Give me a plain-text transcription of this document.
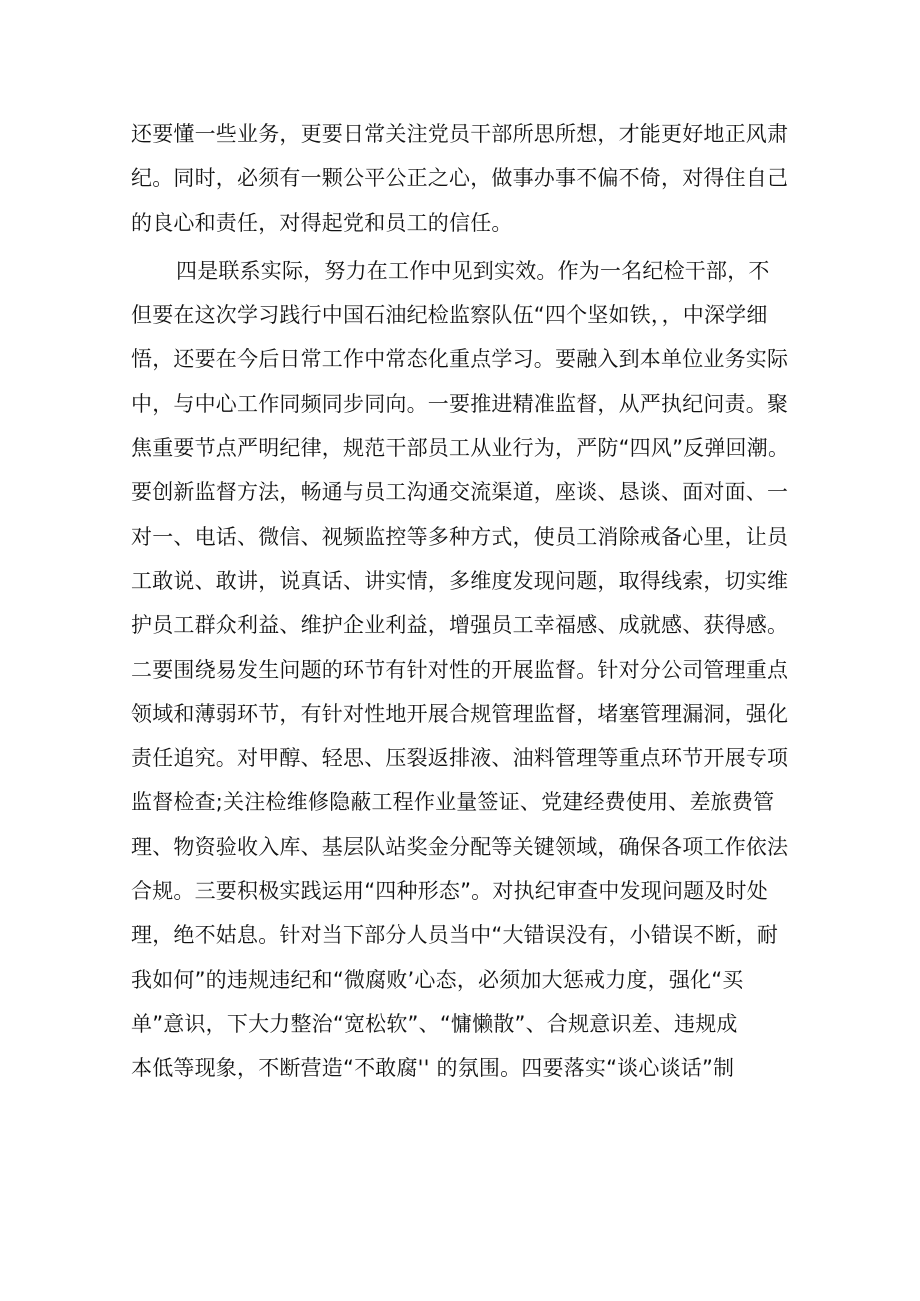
还要懂一些业务，更要日常关注党员干部所思所想，才能更好地正风肃
纪。同时，必须有一颗公平公正之心，做事办事不偏不倚，对得住自己
的良心和责任，对得起党和员工的信任。
四是联系实际，努力在工作中见到实效。作为一名纪检干部，不
但要在这次学习践行中国石油纪检监察队伍“四个坚如铁，，中深学细
悟，还要在今后日常工作中常态化重点学习。要融入到本单位业务实际
中，与中心工作同频同步同向。一要推进精准监督，从严执纪问责。聚
焦重要节点严明纪律，规范干部员工从业行为，严防“四风”反弹回潮。
要创新监督方法，畅通与员工沟通交流渠道，座谈、恳谈、面对面、一
对一、电话、微信、视频监控等多种方式，使员工消除戒备心里，让员
工敢说、敢讲，说真话、讲实情，多维度发现问题，取得线索，切实维
护员工群众利益、维护企业利益，增强员工幸福感、成就感、获得感。
二要围绕易发生问题的环节有针对性的开展监督。针对分公司管理重点
领域和薄弱环节，有针对性地开展合规管理监督，堵塞管理漏洞，强化
责任追究。对甲醇、轻思、压裂返排液、油料管理等重点环节开展专项
监督检查;关注检维修隐蔽工程作业量签证、党建经费使用、差旅费管
理、物资验收入库、基层队站奖金分配等关键领域，确保各项工作依法
合规。三要积极实践运用“四种形态”。对执纪审查中发现问题及时处
理，绝不姑息。针对当下部分人员当中“大错误没有，小错误不断，耐
我如何”的违规违纪和“微腐败’心态，必须加大惩戒力度，强化“买
单”意识，下大力整治“宽松软”、“慵懒散”、合规意识差、违规成
本低等现象，不断营造“不敢腐'' 的氛围。四要落实“谈心谈话”制
